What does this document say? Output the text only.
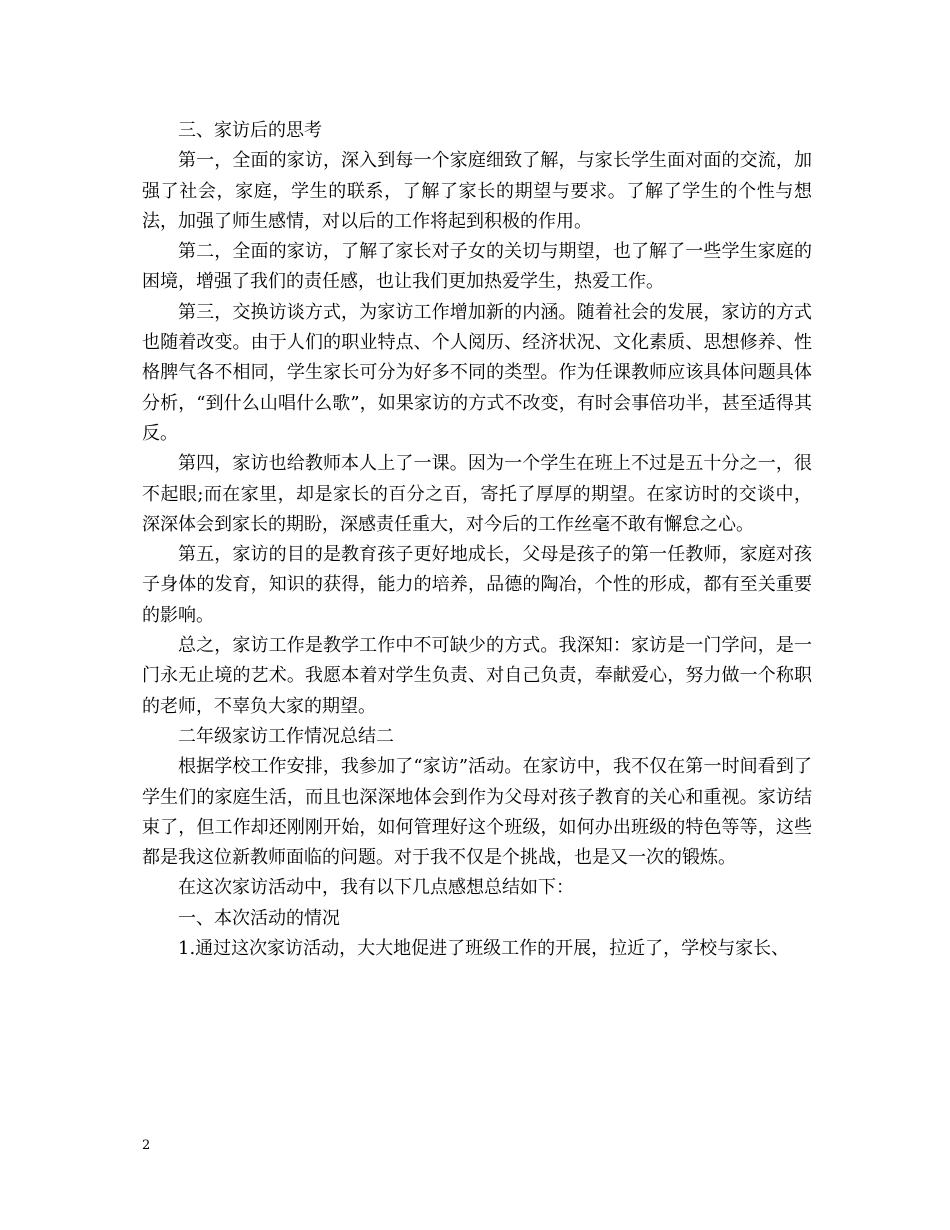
三、家访后的思考

第一，全面的家访，深入到每一个家庭细致了解，与家长学生面对面的交流，加强了社会，家庭，学生的联系，了解了家长的期望与要求。了解了学生的个性与想法，加强了师生感情，对以后的工作将起到积极的作用。

第二，全面的家访，了解了家长对子女的关切与期望，也了解了一些学生家庭的困境，增强了我们的责任感，也让我们更加热爱学生，热爱工作。

第三，交换访谈方式，为家访工作增加新的内涵。随着社会的发展，家访的方式也随着改变。由于人们的职业特点、个人阅历、经济状况、文化素质、思想修养、性格脾气各不相同，学生家长可分为好多不同的类型。作为任课教师应该具体问题具体分析，“到什么山唱什么歌”，如果家访的方式不改变，有时会事倍功半，甚至适得其反。

第四，家访也给教师本人上了一课。因为一个学生在班上不过是五十分之一，很不起眼;而在家里，却是家长的百分之百，寄托了厚厚的期望。在家访时的交谈中，深深体会到家长的期盼，深感责任重大，对今后的工作丝毫不敢有懈怠之心。

第五，家访的目的是教育孩子更好地成长，父母是孩子的第一任教师，家庭对孩子身体的发育，知识的获得，能力的培养，品德的陶冶，个性的形成，都有至关重要的影响。

总之，家访工作是教学工作中不可缺少的方式。我深知：家访是一门学问，是一门永无止境的艺术。我愿本着对学生负责、对自己负责，奉献爱心，努力做一个称职的老师，不辜负大家的期望。

二年级家访工作情况总结二

根据学校工作安排，我参加了“家访”活动。在家访中，我不仅在第一时间看到了学生们的家庭生活，而且也深深地体会到作为父母对孩子教育的关心和重视。家访结束了，但工作却还刚刚开始，如何管理好这个班级，如何办出班级的特色等等，这些都是我这位新教师面临的问题。对于我不仅是个挑战，也是又一次的锻炼。

在这次家访活动中，我有以下几点感想总结如下：

一、本次活动的情况

1.通过这次家访活动，大大地促进了班级工作的开展，拉近了，学校与家长、

2
